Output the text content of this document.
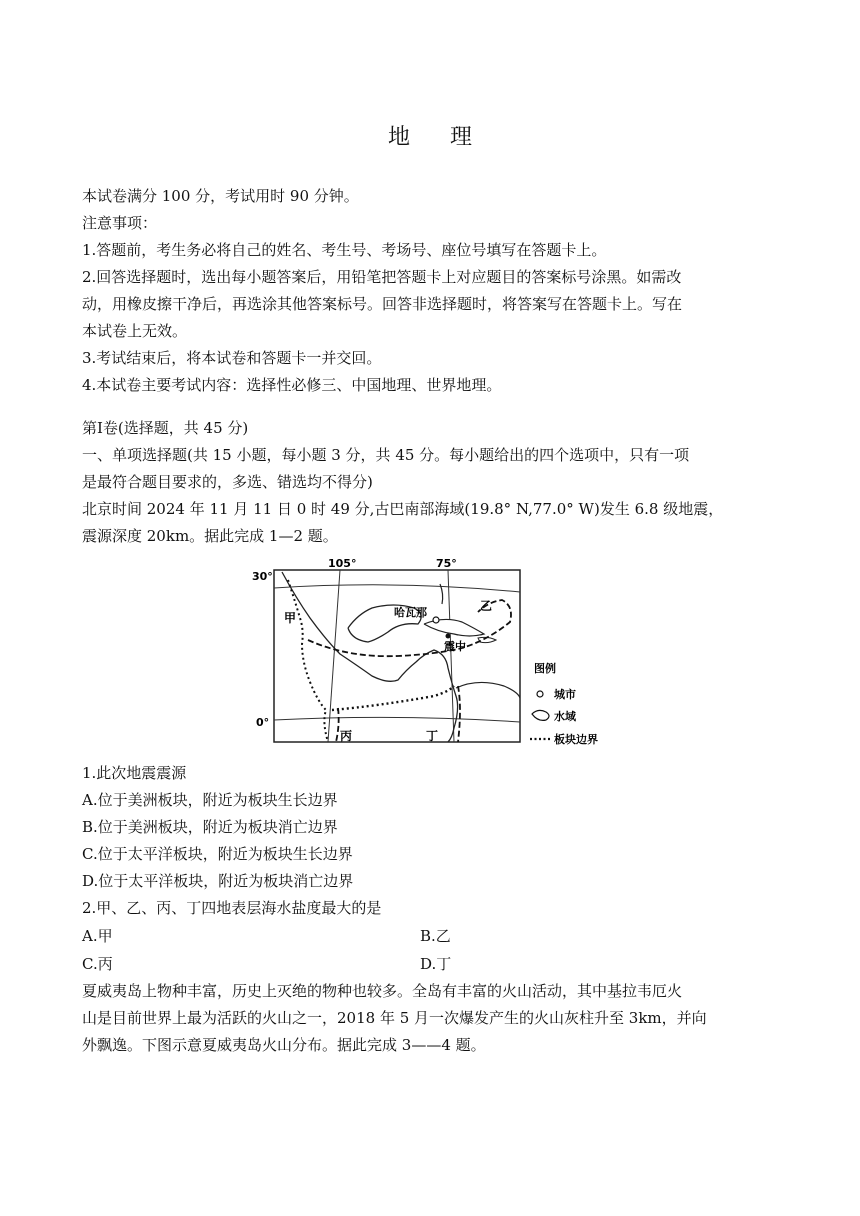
地 理
本试卷满分 100 分，考试用时 90 分钟。
注意事项：
1.答题前，考生务必将自己的姓名、考生号、考场号、座位号填写在答题卡上。
2.回答选择题时，选出每小题答案后，用铅笔把答题卡上对应题目的答案标号涂黑。如需改
动，用橡皮擦干净后，再选涂其他答案标号。回答非选择题时，将答案写在答题卡上。写在
本试卷上无效。
3.考试结束后，将本试卷和答题卡一并交回。
4.本试卷主要考试内容：选择性必修三、中国地理、世界地理。
第Ⅰ卷(选择题，共 45 分)
一、单项选择题(共 15 小题，每小题 3 分，共 45 分。每小题给出的四个选项中，只有一项
是最符合题目要求的，多选、错选均不得分)
北京时间 2024 年 11 月 11 日 0 时 49 分,古巴南部海域(19.8° N,77.0° W)发生 6.8 级地震，
震源深度 20km。据此完成 1—2 题。
30°
0°
105°	75°
甲
乙
丙	丁
哈瓦那
震中
图例
城市
水域
板块边界
1.此次地震震源
A.位于美洲板块，附近为板块生长边界
B.位于美洲板块，附近为板块消亡边界
C.位于太平洋板块，附近为板块生长边界
D.位于太平洋板块，附近为板块消亡边界
2.甲、乙、丙、丁四地表层海水盐度最大的是
A.甲	B.乙
C.丙	D.丁
夏威夷岛上物种丰富，历史上灭绝的物种也较多。全岛有丰富的火山活动，其中基拉韦厄火
山是目前世界上最为活跃的火山之一，2018 年 5 月一次爆发产生的火山灰柱升至 3km，并向
外飘逸。下图示意夏威夷岛火山分布。据此完成 3——4 题。
